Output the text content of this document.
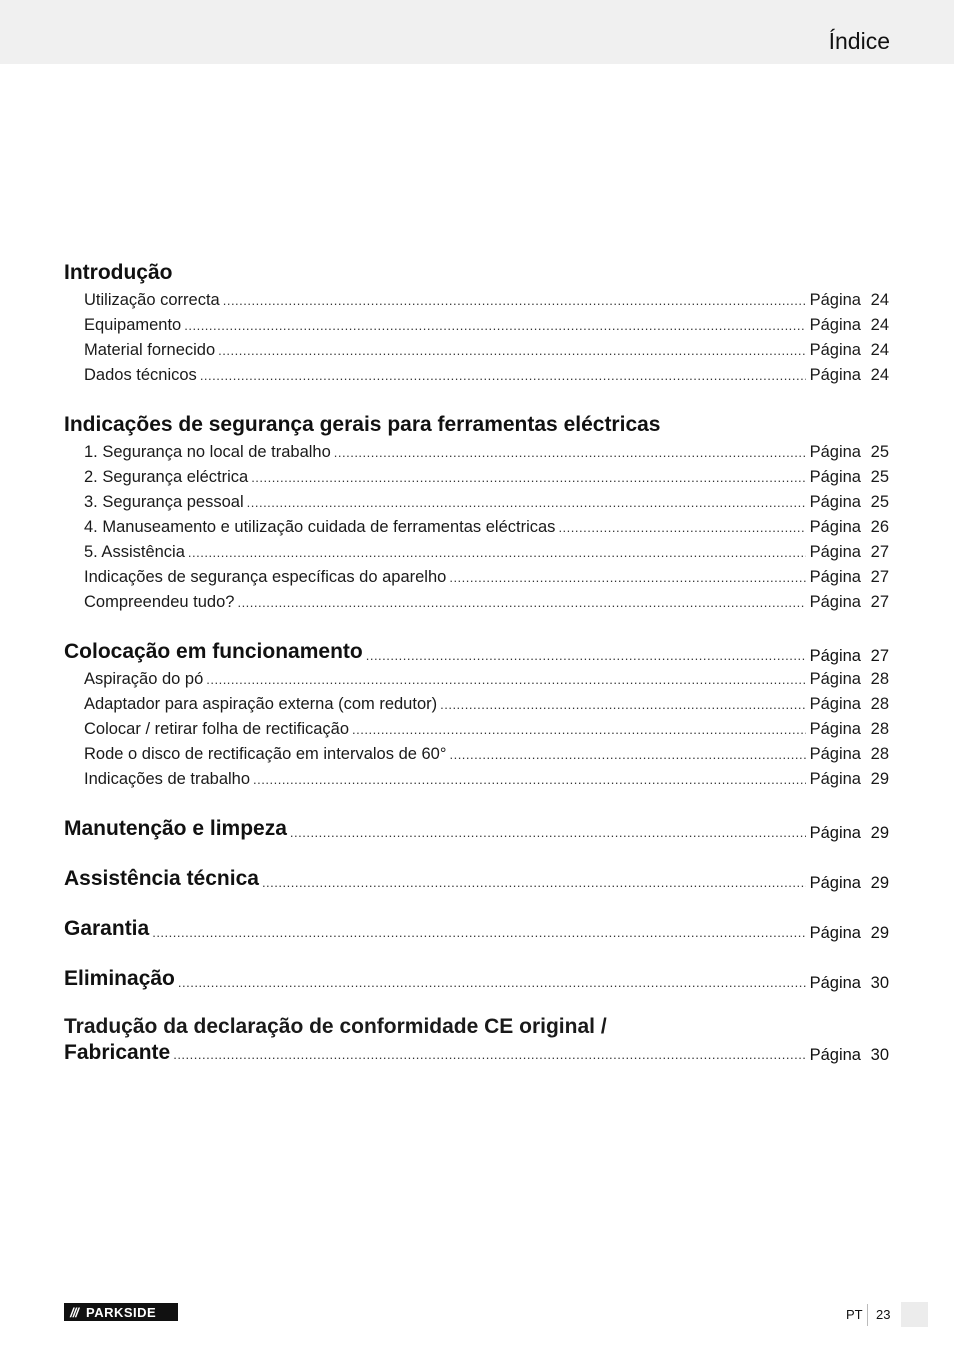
Índice
Introdução
Utilização correcta .....	Página 24
Equipamento .....	Página 24
Material fornecido .....	Página 24
Dados técnicos .....	Página 24
Indicações de segurança gerais para ferramentas eléctricas
1. Segurança no local de trabalho .....	Página 25
2. Segurança eléctrica .....	Página 25
3. Segurança pessoal .....	Página 25
4. Manuseamento e utilização cuidada de ferramentas eléctricas .....	Página 26
5. Assistência .....	Página 27
Indicações de segurança específicas do aparelho .....	Página 27
Compreendeu tudo? .....	Página 27
Colocação em funcionamento .....	Página 27
Aspiração do pó .....	Página 28
Adaptador para aspiração externa (com redutor) .....	Página 28
Colocar / retirar folha de rectificação .....	Página 28
Rode o disco de rectificação em intervalos de 60° .....	Página 28
Indicações de trabalho .....	Página 29
Manutenção e limpeza .....	Página 29
Assistência técnica .....	Página 29
Garantia .....	Página 29
Eliminação .....	Página 30
Tradução da declaração de conformidade CE original /
Fabricante .....	Página 30
/// PARKSIDE	PT 23
